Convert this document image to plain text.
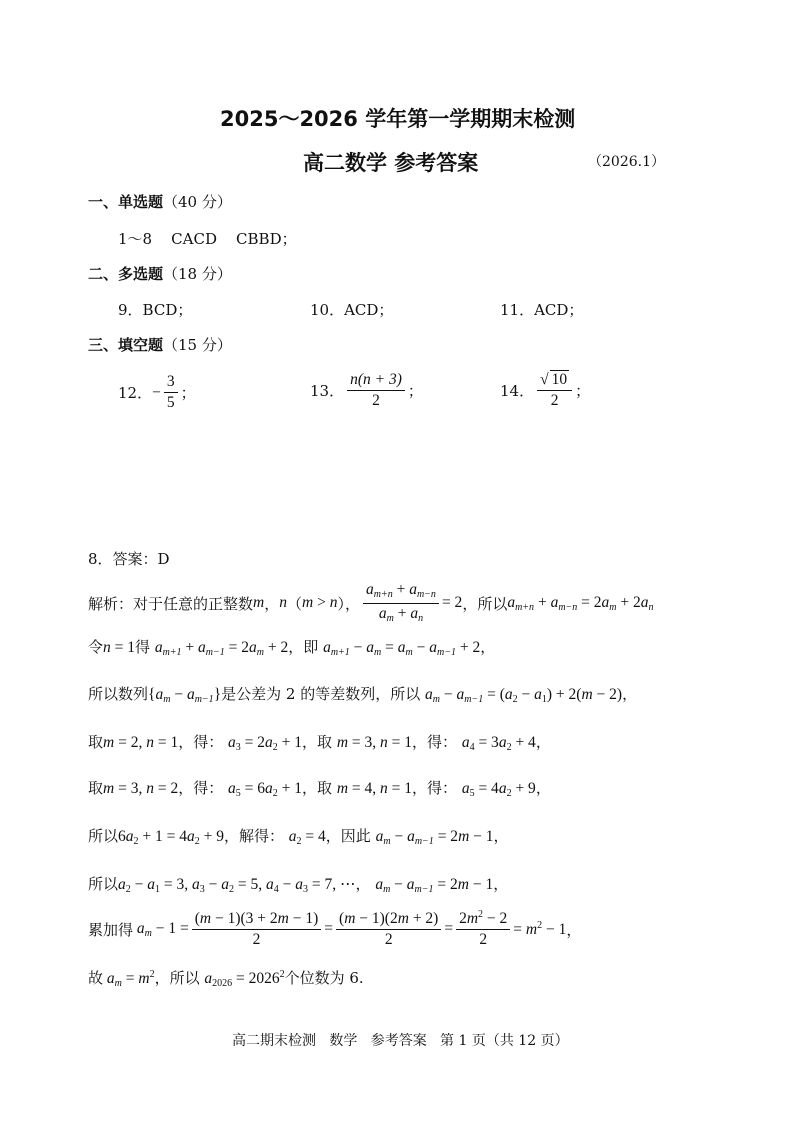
2025～2026 学年第一学期期末检测
高二数学 参考答案	（2026.1）
一、单选题（40 分）
1～8    CACD    CBBD；
二、多选题（18 分）
9．BCD；	10．ACD；	11．ACD；
三、填空题（15 分）
12． − $\frac{3}{5}$ ；	13． $\frac{n(n + 3)}{2}$ ；	14． $\frac{√ 10}{2}$ ；
8．答案：D
解析：对于任意的正整数 m ， n （ m > n ）， $\frac{a_{m+n} + a_{m-n}}{a_m + a_n} = 2$ ，所以 $a_{m+n} + a_{m-n} = 2a_m + 2a_n$
令n = 1得 $a_{m+1} + a_{m-1} = 2a_m + 2$，即 $a_{m+1} - a_m = a_m - a_{m-1} + 2$，
所以数列$\{a_m - a_{m-1}\}$是公差为 2 的等差数列，所以 $a_m - a_{m-1} = (a_2 - a_1) + 2(m - 2)$，
取m = 2, n = 1，得： $a_3 = 2a_2 + 1$，取 m = 3, n = 1，得： $a_4 = 3a_2 + 4$，
取m = 3, n = 2，得： $a_5 = 6a_2 + 1$，取 m = 4, n = 1，得： $a_5 = 4a_2 + 9$，
所以$6a_2 + 1 = 4a_2 + 9$，解得： $a_2 = 4$，因此 $a_m - a_{m-1} = 2m - 1$，
所以$a_2 - a_1 = 3$, $a_3 - a_2 = 5$, $a_4 - a_3 = 7$, ⋯， $a_m - a_{m-1} = 2m - 1$，
累加得 $a_m - 1 = \frac{(m - 1)(3 + 2m - 1)}{2} = \frac{(m - 1)(2m + 2)}{2} = \frac{2m^2 - 2}{2} = m^2 - 1$ ，
故 $a_m = m^2$，所以 $a_{2026} = 2026^2$个位数为 6.
高二期末检测   数学   参考答案   第 1 页（共 12 页）
